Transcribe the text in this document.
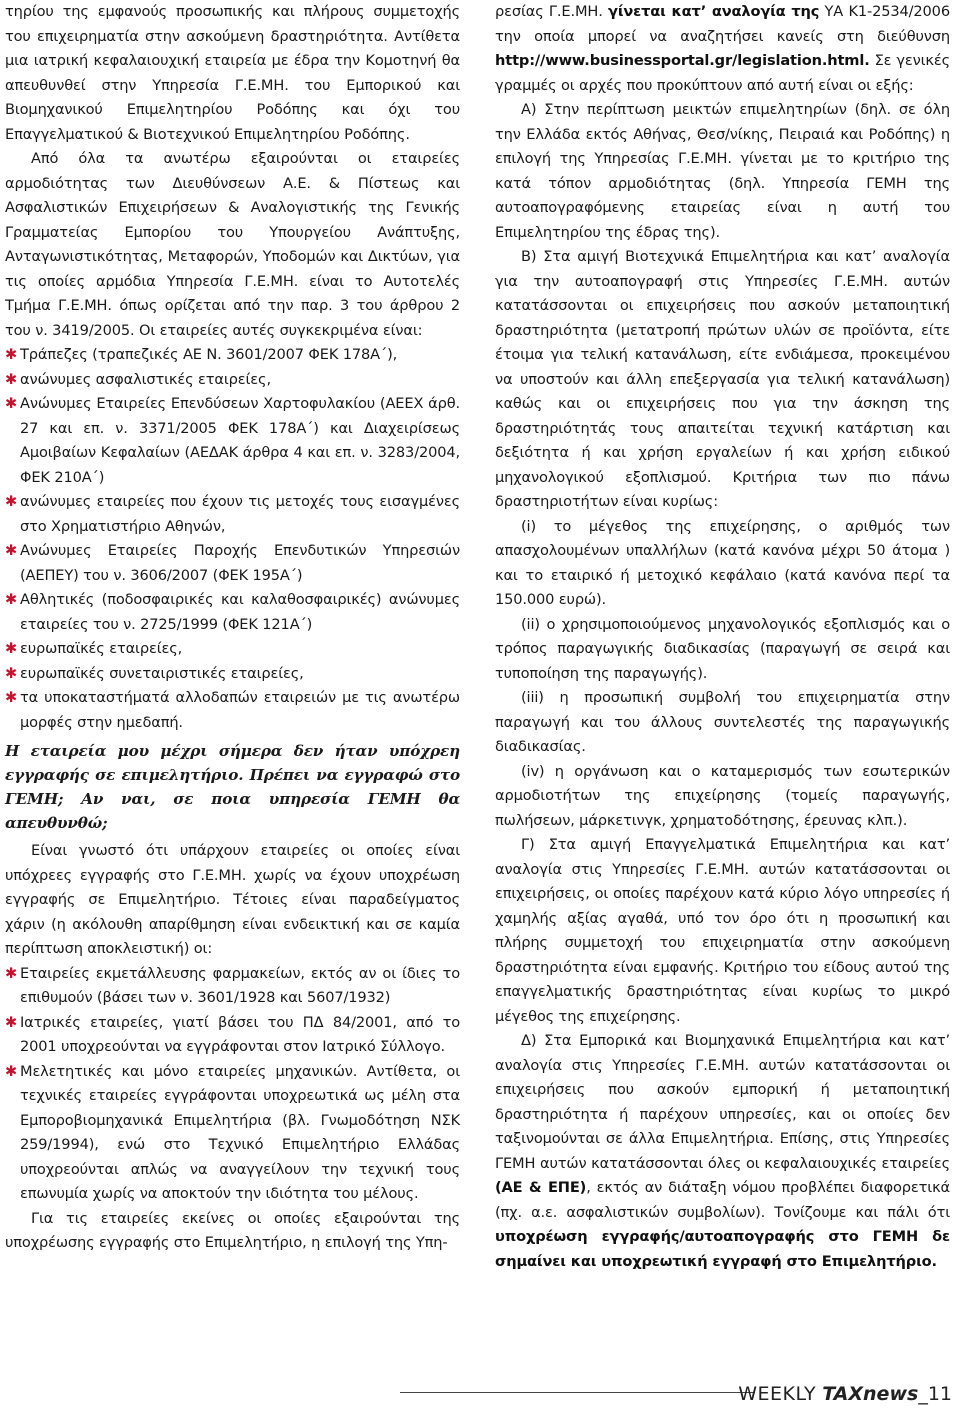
τηρίου της εμφανούς προσωπικής και πλήρους συμμετοχής του επιχειρηματία στην ασκούμενη δραστηριότητα. Αντίθετα μια ιατρική κεφαλαιουχική εταιρεία με έδρα την Κομοτηνή θα απευθυνθεί στην Υπηρεσία Γ.Ε.ΜΗ. του Εμπορικού και Βιομηχανικού Επιμελητηρίου Ροδόπης και όχι του Επαγγελματικού & Βιοτεχνικού Επιμελητηρίου Ροδόπης.

Από όλα τα ανωτέρω εξαιρούνται οι εταιρείες αρμοδιότητας των Διευθύνσεων Α.Ε. & Πίστεως και Ασφαλιστικών Επιχειρήσεων & Αναλογιστικής της Γενικής Γραμματείας Εμπορίου του Υπουργείου Ανάπτυξης, Ανταγωνιστικότητας, Μεταφορών, Υποδομών και Δικτύων, για τις οποίες αρμόδια Υπηρεσία Γ.Ε.ΜΗ. είναι το Αυτοτελές Τμήμα Γ.Ε.ΜΗ. όπως ορίζεται από την παρ. 3 του άρθρου 2 του ν. 3419/2005. Οι εταιρείες αυτές συγκεκριμένα είναι:

✱ Τράπεζες (τραπεζικές ΑΕ Ν. 3601/2007 ΦΕΚ 178Α΄),
✱ ανώνυμες ασφαλιστικές εταιρείες,
✱ Ανώνυμες Εταιρείες Επενδύσεων Χαρτοφυλακίου (ΑΕΕΧ άρθ. 27 και επ. ν. 3371/2005 ΦΕΚ 178Α΄) και Διαχειρίσεως Αμοιβαίων Κεφαλαίων (ΑΕΔΑΚ άρθρα 4 και επ. ν. 3283/2004, ΦΕΚ 210Α΄)
✱ ανώνυμες εταιρείες που έχουν τις μετοχές τους εισαγμένες στο Χρηματιστήριο Αθηνών,
✱ Ανώνυμες Εταιρείες Παροχής Επενδυτικών Υπηρεσιών (ΑΕΠΕΥ) του ν. 3606/2007 (ΦΕΚ 195Α΄)
✱ Αθλητικές (ποδοσφαιρικές και καλαθοσφαιρικές) ανώνυμες εταιρείες του ν. 2725/1999 (ΦΕΚ 121Α΄)
✱ ευρωπαϊκές εταιρείες,
✱ ευρωπαϊκές συνεταιριστικές εταιρείες,
✱ τα υποκαταστήματά αλλοδαπών εταιρειών με τις ανωτέρω μορφές στην ημεδαπή.

Η εταιρεία μου μέχρι σήμερα δεν ήταν υπόχρεη εγγραφής σε επιμελητήριο. Πρέπει να εγγραφώ στο ΓΕΜΗ; Αν ναι, σε ποια υπηρεσία ΓΕΜΗ θα απευθυνθώ;

Είναι γνωστό ότι υπάρχουν εταιρείες οι οποίες είναι υπόχρεες εγγραφής στο Γ.Ε.ΜΗ. χωρίς να έχουν υποχρέωση εγγραφής σε Επιμελητήριο. Τέτοιες είναι παραδείγματος χάριν (η ακόλουθη απαρίθμηση είναι ενδεικτική και σε καμία περίπτωση αποκλειστική) οι:

✱ Εταιρείες εκμετάλλευσης φαρμακείων, εκτός αν οι ίδιες το επιθυμούν (βάσει των ν. 3601/1928 και 5607/1932)
✱ Ιατρικές εταιρείες, γιατί βάσει του ΠΔ 84/2001, από το 2001 υποχρεούνται να εγγράφονται στον Ιατρικό Σύλλογο.
✱ Μελετητικές και μόνο εταιρείες μηχανικών. Αντίθετα, οι τεχνικές εταιρείες εγγράφονται υποχρεωτικά ως μέλη στα Εμποροβιομηχανικά Επιμελητήρια (βλ. Γνωμοδότηση ΝΣΚ 259/1994), ενώ στο Τεχνικό Επιμελητήριο Ελλάδας υποχρεούνται απλώς να αναγγείλουν την τεχνική τους επωνυμία χωρίς να αποκτούν την ιδιότητα του μέλους.

Για τις εταιρείες εκείνες οι οποίες εξαιρούνται της υποχρέωσης εγγραφής στο Επιμελητήριο, η επιλογή της Υπη-

ρεσίας Γ.Ε.ΜΗ. γίνεται κατ’ αναλογία της ΥΑ Κ1-2534/2006 την οποία μπορεί να αναζητήσει κανείς στη διεύθυνση http://www.businessportal.gr/legislation.html. Σε γενικές γραμμές οι αρχές που προκύπτουν από αυτή είναι οι εξής:

Α) Στην περίπτωση μεικτών επιμελητηρίων (δηλ. σε όλη την Ελλάδα εκτός Αθήνας, Θεσ/νίκης, Πειραιά και Ροδόπης) η επιλογή της Υπηρεσίας Γ.Ε.ΜΗ. γίνεται με το κριτήριο της κατά τόπον αρμοδιότητας (δηλ. Υπηρεσία ΓΕΜΗ της αυτοαπογραφόμενης εταιρείας είναι η αυτή του Επιμελητηρίου της έδρας της).

Β) Στα αμιγή Βιοτεχνικά Επιμελητήρια και κατ’ αναλογία για την αυτοαπογραφή στις Υπηρεσίες Γ.Ε.ΜΗ. αυτών κατατάσσονται οι επιχειρήσεις που ασκούν μεταποιητική δραστηριότητα (μετατροπή πρώτων υλών σε προϊόντα, είτε έτοιμα για τελική κατανάλωση, είτε ενδιάμεσα, προκειμένου να υποστούν και άλλη επεξεργασία για τελική κατανάλωση) καθώς και οι επιχειρήσεις που για την άσκηση της δραστηριότητάς τους απαιτείται τεχνική κατάρτιση και δεξιότητα ή και χρήση εργαλείων ή και χρήση ειδικού μηχανολογικού εξοπλισμού. Κριτήρια των πιο πάνω δραστηριοτήτων είναι κυρίως:

(i) το μέγεθος της επιχείρησης, ο αριθμός των απασχολουμένων υπαλλήλων (κατά κανόνα μέχρι 50 άτομα ) και το εταιρικό ή μετοχικό κεφάλαιο (κατά κανόνα περί τα 150.000 ευρώ).

(ii) ο χρησιμοποιούμενος μηχανολογικός εξοπλισμός και ο τρόπος παραγωγικής διαδικασίας (παραγωγή σε σειρά και τυποποίηση της παραγωγής).

(iii) η προσωπική συμβολή του επιχειρηματία στην παραγωγή και του άλλους συντελεστές της παραγωγικής διαδικασίας.

(iv) η οργάνωση και ο καταμερισμός των εσωτερικών αρμοδιοτήτων της επιχείρησης (τομείς παραγωγής, πωλήσεων, μάρκετινγκ, χρηματοδότησης, έρευνας κλπ.).

Γ) Στα αμιγή Επαγγελματικά Επιμελητήρια και κατ’ αναλογία στις Υπηρεσίες Γ.Ε.ΜΗ. αυτών κατατάσσονται οι επιχειρήσεις, οι οποίες παρέχουν κατά κύριο λόγο υπηρεσίες ή χαμηλής αξίας αγαθά, υπό τον όρο ότι η προσωπική και πλήρης συμμετοχή του επιχειρηματία στην ασκούμενη δραστηριότητα είναι εμφανής. Κριτήριο του είδους αυτού της επαγγελματικής δραστηριότητας είναι κυρίως το μικρό μέγεθος της επιχείρησης.

Δ) Στα Εμπορικά και Βιομηχανικά Επιμελητήρια και κατ’ αναλογία στις Υπηρεσίες Γ.Ε.ΜΗ. αυτών κατατάσσονται οι επιχειρήσεις που ασκούν εμπορική ή μεταποιητική δραστηριότητα ή παρέχουν υπηρεσίες, και οι οποίες δεν ταξινομούνται σε άλλα Επιμελητήρια. Επίσης, στις Υπηρεσίες ΓΕΜΗ αυτών κατατάσσονται όλες οι κεφαλαιουχικές εταιρείες (ΑΕ & ΕΠΕ), εκτός αν διάταξη νόμου προβλέπει διαφορετικά (πχ. α.ε. ασφαλιστικών συμβολίων). Τονίζουμε και πάλι ότι υποχρέωση εγγραφής/αυτοαπογραφής στο ΓΕΜΗ δε σημαίνει και υποχρεωτική εγγραφή στο Επιμελητήριο.

WEEKLY TAXnews_11
